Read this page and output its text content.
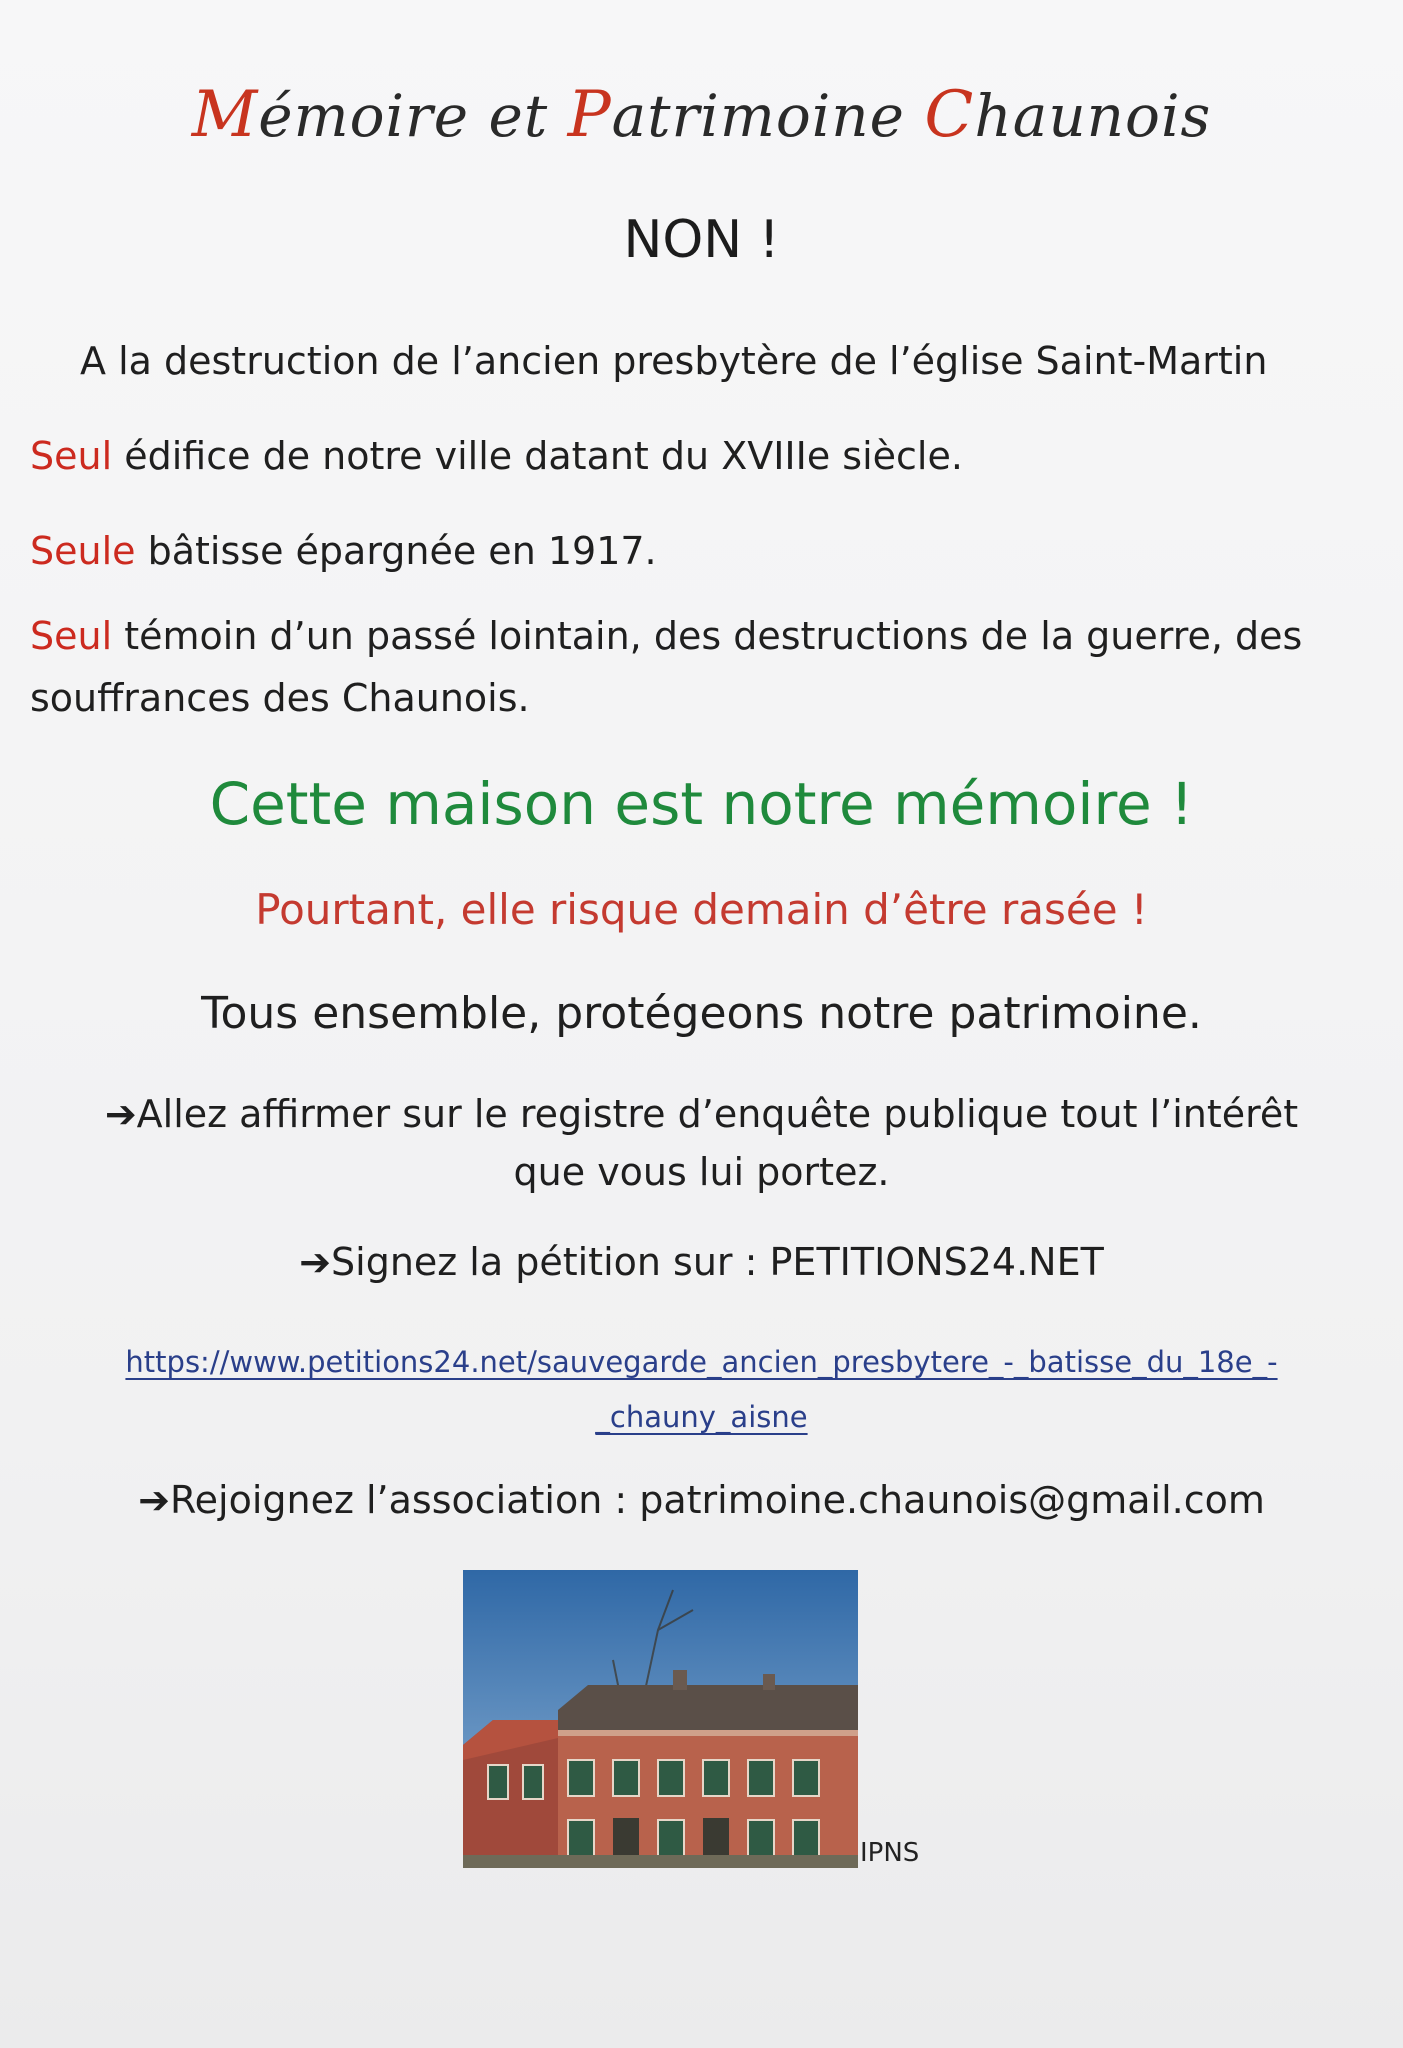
Mémoire et Patrimoine Chaunois
NON !
A la destruction de l’ancien presbytère de l’église Saint-Martin
Seul édifice de notre ville datant du XVIIIe siècle.
Seule bâtisse épargnée en 1917.
Seul témoin d’un passé lointain, des destructions de la guerre, des souffrances des Chaunois.
Cette maison est notre mémoire !
Pourtant, elle risque demain d’être rasée !
Tous ensemble, protégeons notre patrimoine.
➔Allez affirmer sur le registre d’enquête publique tout l’intérêt
que vous lui portez.
➔Signez la pétition sur : PETITIONS24.NET
https://www.petitions24.net/sauvegarde_ancien_presbytere_-_batisse_du_18e_-
_chauny_aisne
➔Rejoignez l’association : patrimoine.chaunois@gmail.com
IPNS
